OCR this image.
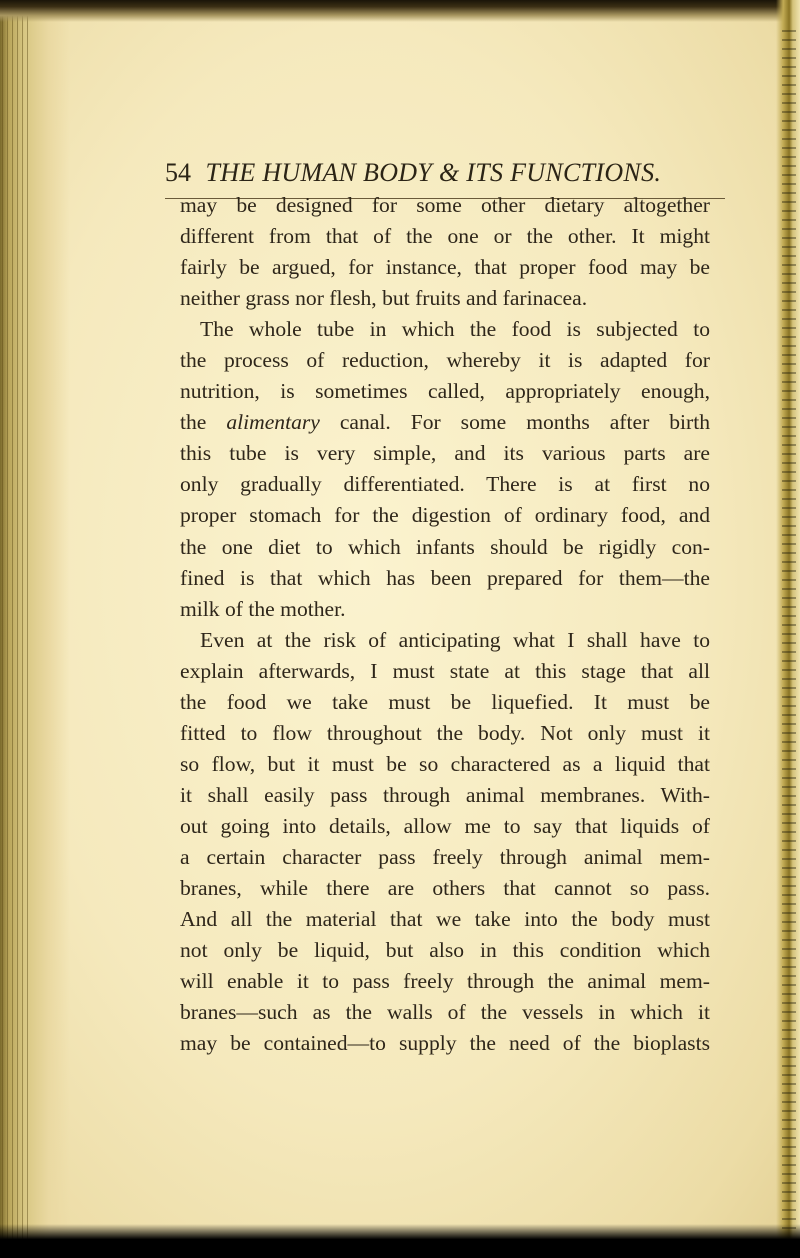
54 THE HUMAN BODY & ITS FUNCTIONS.
may be designed for some other dietary altogether
different from that of the one or the other. It might
fairly be argued, for instance, that proper food may be
neither grass nor flesh, but fruits and farinacea.
The whole tube in which the food is subjected to
the process of reduction, whereby it is adapted for
nutrition, is sometimes called, appropriately enough,
the alimentary canal. For some months after birth
this tube is very simple, and its various parts are
only gradually differentiated. There is at first no
proper stomach for the digestion of ordinary food, and
the one diet to which infants should be rigidly con-
fined is that which has been prepared for them—the
milk of the mother.
Even at the risk of anticipating what I shall have to
explain afterwards, I must state at this stage that all
the food we take must be liquefied. It must be
fitted to flow throughout the body. Not only must it
so flow, but it must be so charactered as a liquid that
it shall easily pass through animal membranes. With-
out going into details, allow me to say that liquids of
a certain character pass freely through animal mem-
branes, while there are others that cannot so pass.
And all the material that we take into the body must
not only be liquid, but also in this condition which
will enable it to pass freely through the animal mem-
branes—such as the walls of the vessels in which it
may be contained—to supply the need of the bioplasts
